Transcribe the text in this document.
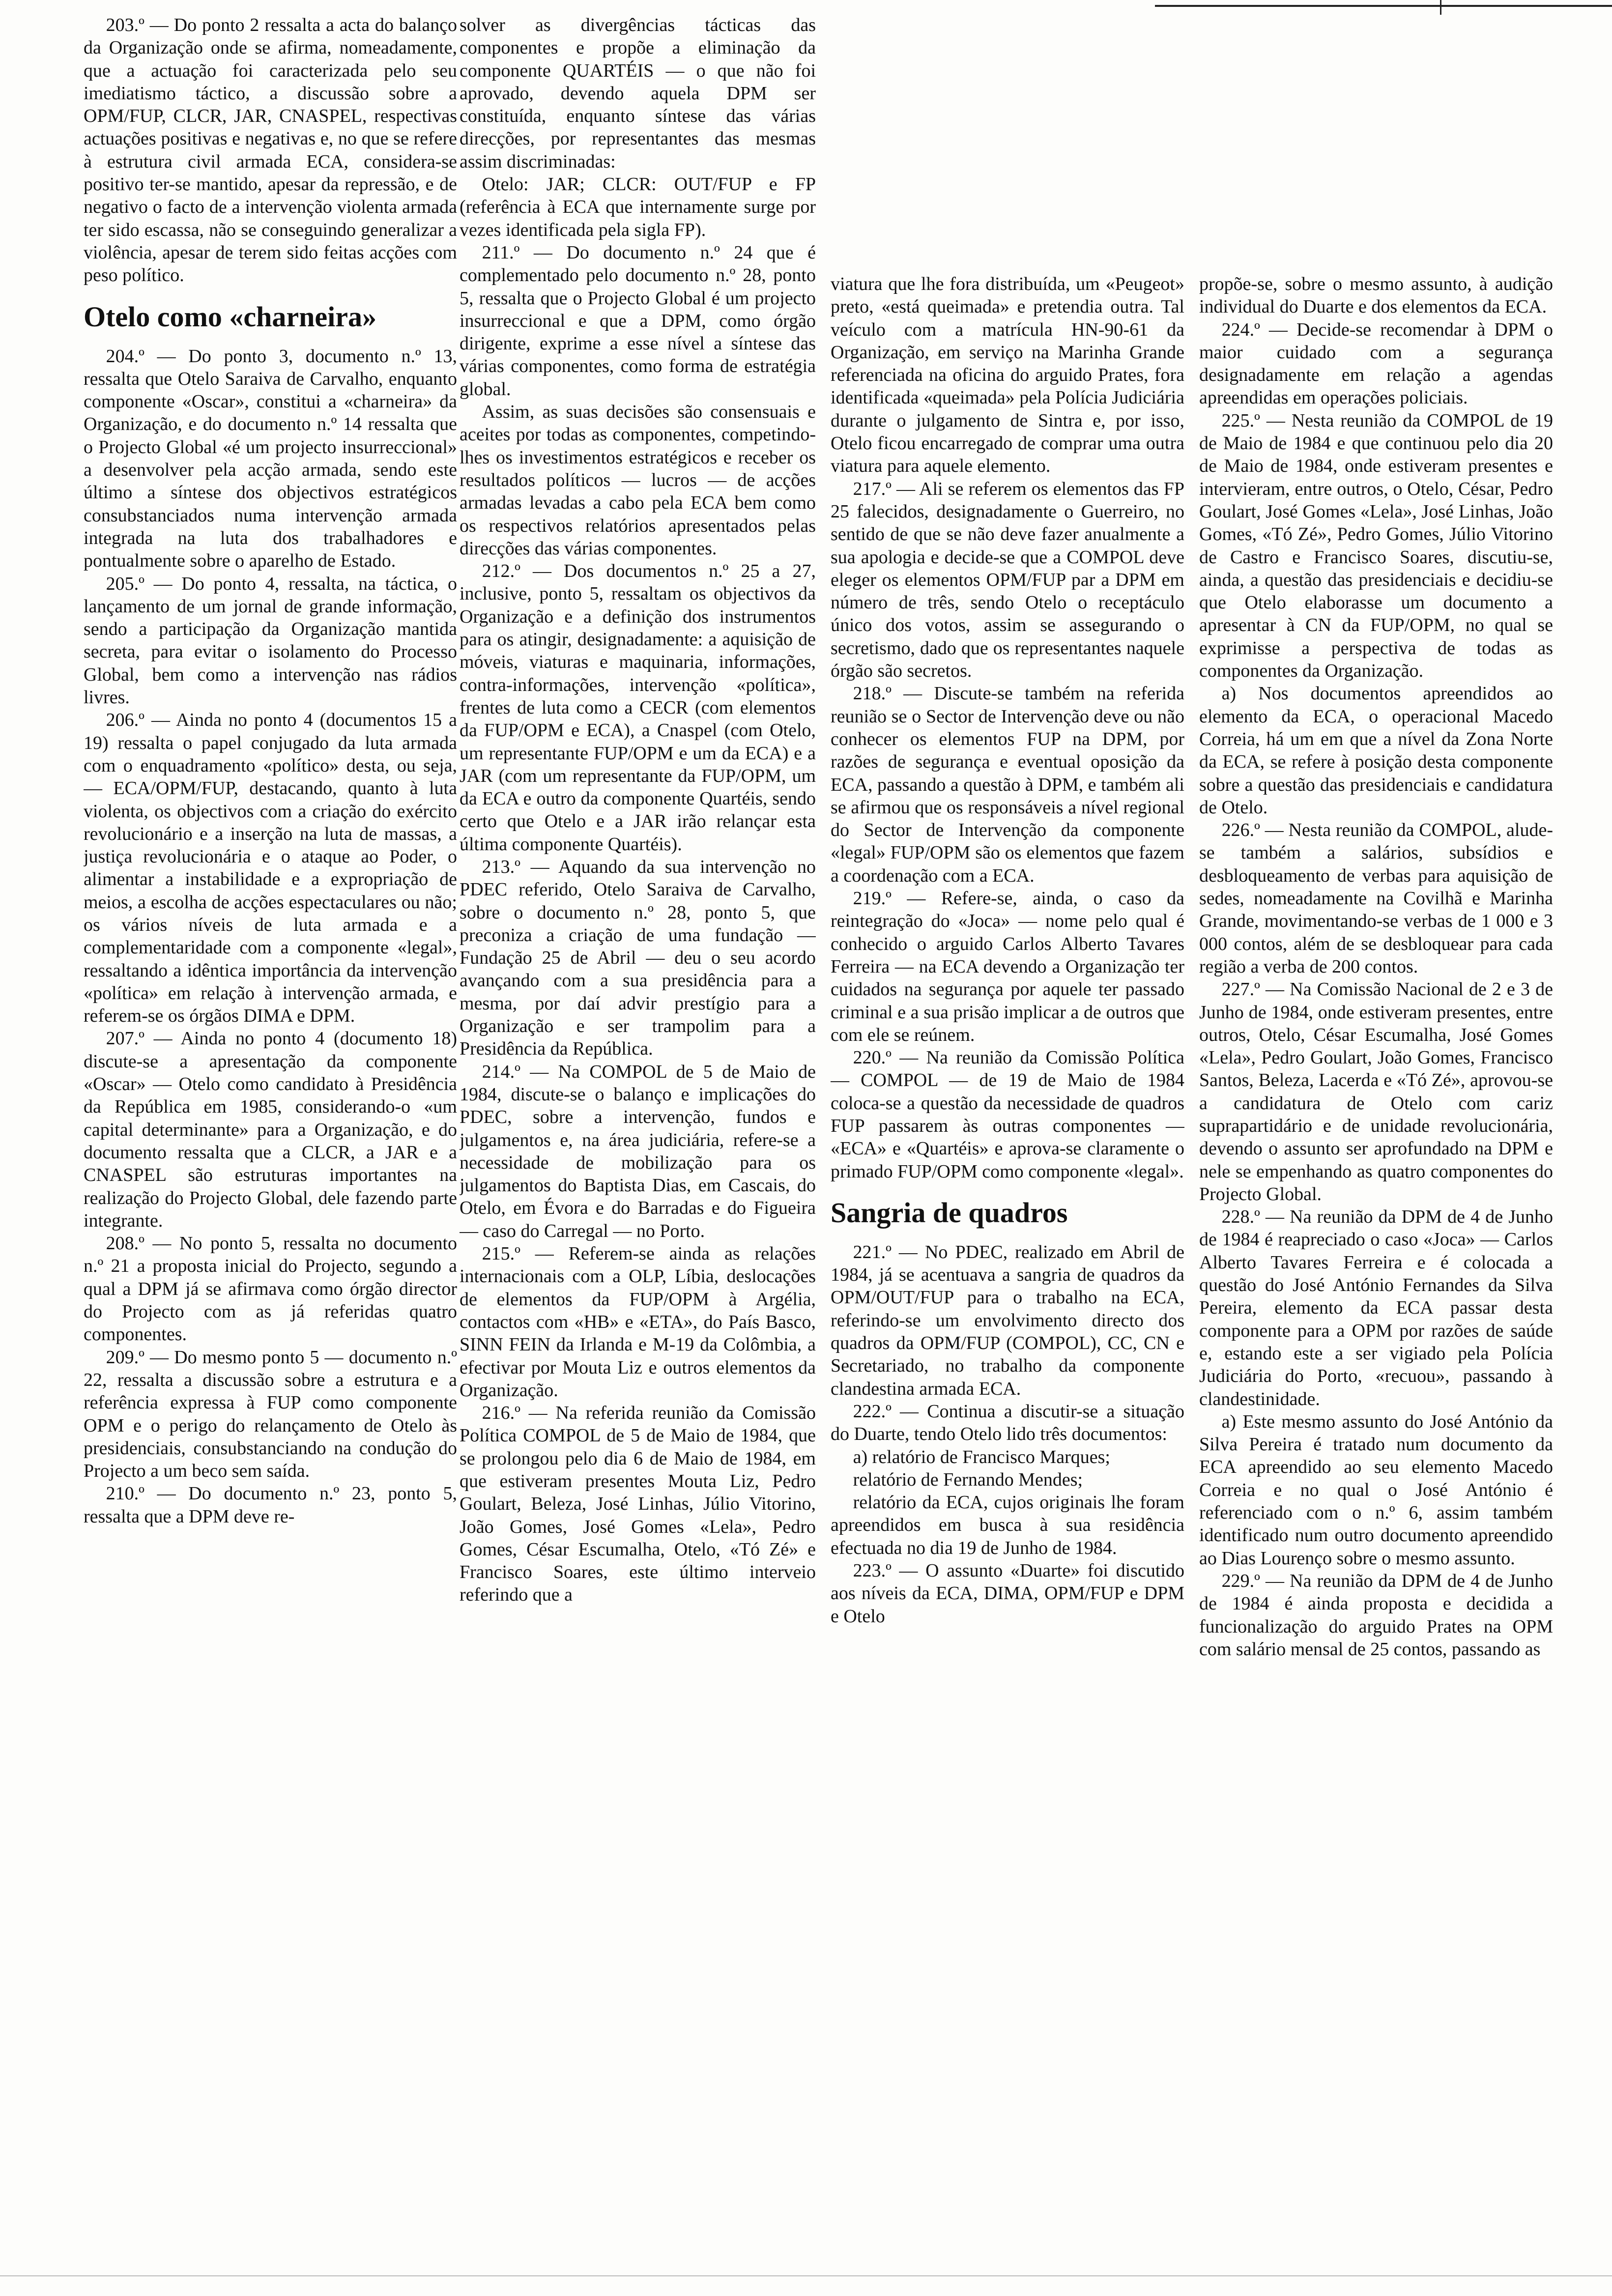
203.º — Do ponto 2 ressalta a acta do balanço da Organização onde se afirma, nomeadamente, que a actuação foi caracterizada pelo seu imediatismo táctico, a discussão sobre a OPM/FUP, CLCR, JAR, CNASPEL, respectivas actuações positivas e negativas e, no que se refere à estrutura civil armada ECA, considera-se positivo ter-se mantido, apesar da repressão, e de negativo o facto de a intervenção violenta armada ter sido escassa, não se conseguindo generalizar a violência, apesar de terem sido feitas acções com peso político.

Otelo como «charneira»

204.º — Do ponto 3, documento n.º 13, ressalta que Otelo Saraiva de Carvalho, enquanto componente «Oscar», constitui a «charneira» da Organização, e do documento n.º 14 ressalta que o Projecto Global «é um projecto insurreccional» a desenvolver pela acção armada, sendo este último a síntese dos objectivos estratégicos consubstanciados numa intervenção armada integrada na luta dos trabalhadores e pontualmente sobre o aparelho de Estado.

205.º — Do ponto 4, ressalta, na táctica, o lançamento de um jornal de grande informação, sendo a participação da Organização mantida secreta, para evitar o isolamento do Processo Global, bem como a intervenção nas rádios livres.

206.º — Ainda no ponto 4 (documentos 15 a 19) ressalta o papel conjugado da luta armada com o enquadramento «político» desta, ou seja, — ECA/OPM/FUP, destacando, quanto à luta violenta, os objectivos com a criação do exército revolucionário e a inserção na luta de massas, a justiça revolucionária e o ataque ao Poder, o alimentar a instabilidade e a expropriação de meios, a escolha de acções espectaculares ou não; os vários níveis de luta armada e a complementaridade com a componente «legal», ressaltando a idêntica importância da intervenção «política» em relação à intervenção armada, e referem-se os órgãos DIMA e DPM.

207.º — Ainda no ponto 4 (documento 18) discute-se a apresentação da componente «Oscar» — Otelo como candidato à Presidência da República em 1985, considerando-o «um capital determinante» para a Organização, e do documento ressalta que a CLCR, a JAR e a CNASPEL são estruturas importantes na realização do Projecto Global, dele fazendo parte integrante.

208.º — No ponto 5, ressalta no documento n.º 21 a proposta inicial do Projecto, segundo a qual a DPM já se afirmava como órgão director do Projecto com as já referidas quatro componentes.

209.º — Do mesmo ponto 5 — documento n.º 22, ressalta a discussão sobre a estrutura e a referência expressa à FUP como componente OPM e o perigo do relançamento de Otelo às presidenciais, consubstanciando na condução do Projecto a um beco sem saída.

210.º — Do documento n.º 23, ponto 5, ressalta que a DPM deve re-

solver as divergências tácticas das componentes e propõe a eliminação da componente QUARTÉIS — o que não foi aprovado, devendo aquela DPM ser constituída, enquanto síntese das várias direcções, por representantes das mesmas assim discriminadas:

Otelo: JAR; CLCR: OUT/FUP e FP (referência à ECA que internamente surge por vezes identificada pela sigla FP).

211.º — Do documento n.º 24 que é complementado pelo documento n.º 28, ponto 5, ressalta que o Projecto Global é um projecto insurreccional e que a DPM, como órgão dirigente, exprime a esse nível a síntese das várias componentes, como forma de estratégia global.

Assim, as suas decisões são consensuais e aceites por todas as componentes, competindo-lhes os investimentos estratégicos e receber os resultados políticos — lucros — de acções armadas levadas a cabo pela ECA bem como os respectivos relatórios apresentados pelas direcções das várias componentes.

212.º — Dos documentos n.º 25 a 27, inclusive, ponto 5, ressaltam os objectivos da Organização e a definição dos instrumentos para os atingir, designadamente: a aquisição de móveis, viaturas e maquinaria, informações, contra-informações, intervenção «política», frentes de luta como a CECR (com elementos da FUP/OPM e ECA), a Cnaspel (com Otelo, um representante FUP/OPM e um da ECA) e a JAR (com um representante da FUP/OPM, um da ECA e outro da componente Quartéis, sendo certo que Otelo e a JAR irão relançar esta última componente Quartéis).

213.º — Aquando da sua intervenção no PDEC referido, Otelo Saraiva de Carvalho, sobre o documento n.º 28, ponto 5, que preconiza a criação de uma fundação — Fundação 25 de Abril — deu o seu acordo avançando com a sua presidência para a mesma, por daí advir prestígio para a Organização e ser trampolim para a Presidência da República.

214.º — Na COMPOL de 5 de Maio de 1984, discute-se o balanço e implicações do PDEC, sobre a intervenção, fundos e julgamentos e, na área judiciária, refere-se a necessidade de mobilização para os julgamentos do Baptista Dias, em Cascais, do Otelo, em Évora e do Barradas e do Figueira — caso do Carregal — no Porto.

215.º — Referem-se ainda as relações internacionais com a OLP, Líbia, deslocações de elementos da FUP/OPM à Argélia, contactos com «HB» e «ETA», do País Basco, SINN FEIN da Irlanda e M-19 da Colômbia, a efectivar por Mouta Liz e outros elementos da Organização.

216.º — Na referida reunião da Comissão Política COMPOL de 5 de Maio de 1984, que se prolongou pelo dia 6 de Maio de 1984, em que estiveram presentes Mouta Liz, Pedro Goulart, Beleza, José Linhas, Júlio Vitorino, João Gomes, José Gomes «Lela», Pedro Gomes, César Escumalha, Otelo, «Tó Zé» e Francisco Soares, este último interveio referindo que a

viatura que lhe fora distribuída, um «Peugeot» preto, «está queimada» e pretendia outra. Tal veículo com a matrícula HN-90-61 da Organização, em serviço na Marinha Grande referenciada na oficina do arguido Prates, fora identificada «queimada» pela Polícia Judiciária durante o julgamento de Sintra e, por isso, Otelo ficou encarregado de comprar uma outra viatura para aquele elemento.

217.º — Ali se referem os elementos das FP 25 falecidos, designadamente o Guerreiro, no sentido de que se não deve fazer anualmente a sua apologia e decide-se que a COMPOL deve eleger os elementos OPM/FUP par a DPM em número de três, sendo Otelo o receptáculo único dos votos, assim se assegurando o secretismo, dado que os representantes naquele órgão são secretos.

218.º — Discute-se também na referida reunião se o Sector de Intervenção deve ou não conhecer os elementos FUP na DPM, por razões de segurança e eventual oposição da ECA, passando a questão à DPM, e também ali se afirmou que os responsáveis a nível regional do Sector de Intervenção da componente «legal» FUP/OPM são os elementos que fazem a coordenação com a ECA.

219.º — Refere-se, ainda, o caso da reintegração do «Joca» — nome pelo qual é conhecido o arguido Carlos Alberto Tavares Ferreira — na ECA devendo a Organização ter cuidados na segurança por aquele ter passado criminal e a sua prisão implicar a de outros que com ele se reúnem.

220.º — Na reunião da Comissão Política — COMPOL — de 19 de Maio de 1984 coloca-se a questão da necessidade de quadros FUP passarem às outras componentes — «ECA» e «Quartéis» e aprova-se claramente o primado FUP/OPM como componente «legal».

Sangria de quadros

221.º — No PDEC, realizado em Abril de 1984, já se acentuava a sangria de quadros da OPM/OUT/FUP para o trabalho na ECA, referindo-se um envolvimento directo dos quadros da OPM/FUP (COMPOL), CC, CN e Secretariado, no trabalho da componente clandestina armada ECA.

222.º — Continua a discutir-se a situação do Duarte, tendo Otelo lido três documentos:

a) relatório de Francisco Marques;

relatório de Fernando Mendes;

relatório da ECA, cujos originais lhe foram apreendidos em busca à sua residência efectuada no dia 19 de Junho de 1984.

223.º — O assunto «Duarte» foi discutido aos níveis da ECA, DIMA, OPM/FUP e DPM e Otelo

propõe-se, sobre o mesmo assunto, à audição individual do Duarte e dos elementos da ECA.

224.º — Decide-se recomendar à DPM o maior cuidado com a segurança designadamente em relação a agendas apreendidas em operações policiais.

225.º — Nesta reunião da COMPOL de 19 de Maio de 1984 e que continuou pelo dia 20 de Maio de 1984, onde estiveram presentes e intervieram, entre outros, o Otelo, César, Pedro Goulart, José Gomes «Lela», José Linhas, João Gomes, «Tó Zé», Pedro Gomes, Júlio Vitorino de Castro e Francisco Soares, discutiu-se, ainda, a questão das presidenciais e decidiu-se que Otelo elaborasse um documento a apresentar à CN da FUP/OPM, no qual se exprimisse a perspectiva de todas as componentes da Organização.

a) Nos documentos apreendidos ao elemento da ECA, o operacional Macedo Correia, há um em que a nível da Zona Norte da ECA, se refere à posição desta componente sobre a questão das presidenciais e candidatura de Otelo.

226.º — Nesta reunião da COMPOL, alude-se também a salários, subsídios e desbloqueamento de verbas para aquisição de sedes, nomeadamente na Covilhã e Marinha Grande, movimentando-se verbas de 1 000 e 3 000 contos, além de se desbloquear para cada região a verba de 200 contos.

227.º — Na Comissão Nacional de 2 e 3 de Junho de 1984, onde estiveram presentes, entre outros, Otelo, César Escumalha, José Gomes «Lela», Pedro Goulart, João Gomes, Francisco Santos, Beleza, Lacerda e «Tó Zé», aprovou-se a candidatura de Otelo com cariz suprapartidário e de unidade revolucionária, devendo o assunto ser aprofundado na DPM e nele se empenhando as quatro componentes do Projecto Global.

228.º — Na reunião da DPM de 4 de Junho de 1984 é reapreciado o caso «Joca» — Carlos Alberto Tavares Ferreira e é colocada a questão do José António Fernandes da Silva Pereira, elemento da ECA passar desta componente para a OPM por razões de saúde e, estando este a ser vigiado pela Polícia Judiciária do Porto, «recuou», passando à clandestinidade.

a) Este mesmo assunto do José António da Silva Pereira é tratado num documento da ECA apreendido ao seu elemento Macedo Correia e no qual o José António é referenciado com o n.º 6, assim também identificado num outro documento apreendido ao Dias Lourenço sobre o mesmo assunto.

229.º — Na reunião da DPM de 4 de Junho de 1984 é ainda proposta e decidida a funcionalização do arguido Prates na OPM com salário mensal de 25 contos, passando as
